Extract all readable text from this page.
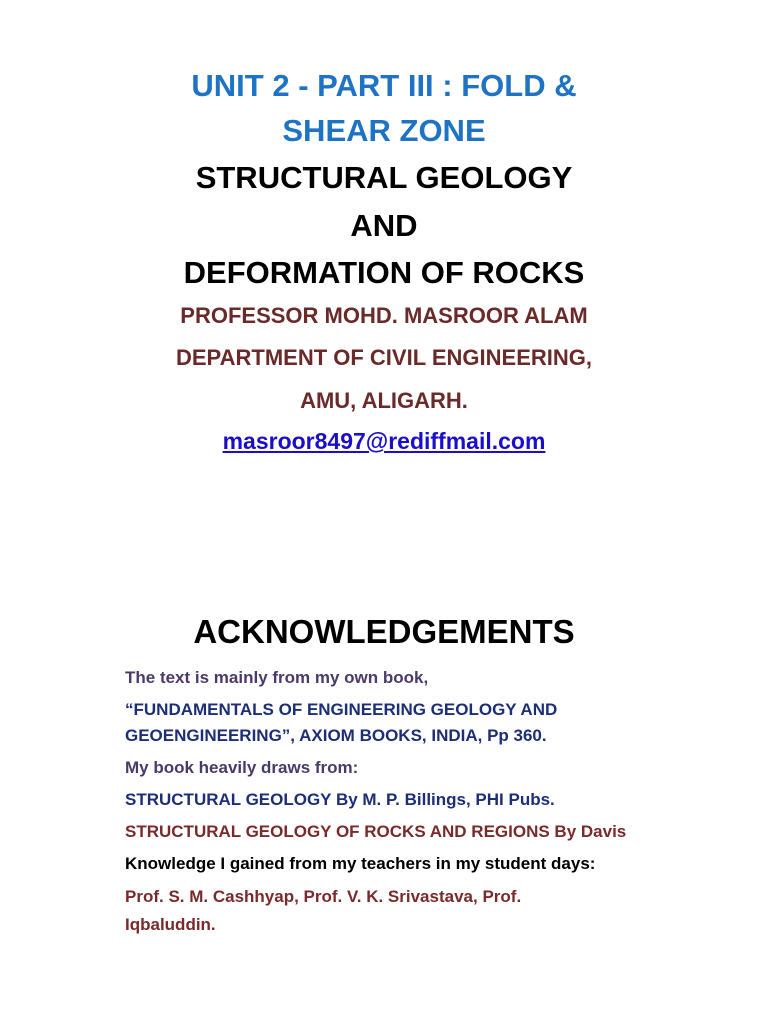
UNIT 2 - PART III : FOLD &

SHEAR ZONE

STRUCTURAL GEOLOGY

AND

DEFORMATION OF ROCKS

PROFESSOR MOHD. MASROOR ALAM

DEPARTMENT OF CIVIL ENGINEERING,

AMU, ALIGARH.

masroor8497@rediffmail.com

ACKNOWLEDGEMENTS

The text is mainly from my own book,

“FUNDAMENTALS OF ENGINEERING GEOLOGY AND

GEOENGINEERING”, AXIOM BOOKS, INDIA, Pp 360.

My book heavily draws from:

STRUCTURAL GEOLOGY By M. P. Billings, PHI Pubs.

STRUCTURAL GEOLOGY OF ROCKS AND REGIONS By Davis

Knowledge I gained from my teachers in my student days:

Prof. S. M. Cashhyap, Prof. V. K. Srivastava, Prof.

Iqbaluddin.
